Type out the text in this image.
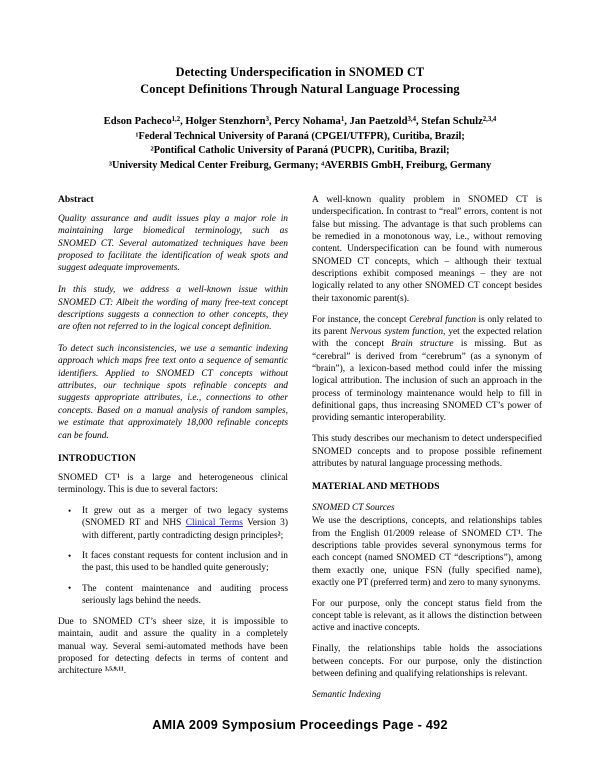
Detecting Underspecification in SNOMED CT
Concept Definitions Through Natural Language Processing
Edson Pacheco$^{1,2}$, Holger Stenzhorn$^3$, Percy Nohama$^1$, Jan Paetzold$^{3,4}$, Stefan Schulz$^{2,3,4}$
$^1$Federal Technical University of Paraná (CPGEI/UTFPR), Curitiba, Brazil;
$^2$Pontifical Catholic University of Paraná (PUCPR), Curitiba, Brazil;
$^3$University Medical Center Freiburg, Germany; $^4$AVERBIS GmbH, Freiburg, Germany
Abstract

Quality assurance and audit issues play a major role in maintaining large biomedical terminology, such as SNOMED CT. Several automatized techniques have been proposed to facilitate the identification of weak spots and suggest adequate improvements.

In this study, we address a well-known issue within SNOMED CT: Albeit the wording of many free-text concept descriptions suggests a connection to other concepts, they are often not referred to in the logical concept definition.

To detect such inconsistencies, we use a semantic indexing approach which maps free text onto a sequence of semantic identifiers. Applied to SNOMED CT concepts without attributes, our technique spots refinable concepts and suggests appropriate attributes, i.e., connections to other concepts. Based on a manual analysis of random samples, we estimate that approximately 18,000 refinable concepts can be found.

INTRODUCTION

SNOMED $CT^1$ is a large and heterogeneous clinical terminology. This is due to several factors:

• It grew out as a merger of two legacy systems (SNOMED RT and NHS Clinical Terms Version 3) with different, partly contradicting design principles$^2$;
• It faces constant requests for content inclusion and in the past, this used to be handled quite generously;
• The content maintenance and auditing process seriously lags behind the needs.

Due to SNOMED CT’s sheer size, it is impossible to maintain, audit and assure the quality in a completely manual way. Several semi-automated methods have been proposed for detecting defects in terms of content and architecture $^{3,5,9,11}$.

A well-known quality problem in SNOMED CT is underspecification. In contrast to “real” errors, content is not false but missing. The advantage is that such problems can be remedied in a monotonous way, i.e., without removing content. Underspecification can be found with numerous SNOMED CT concepts, which – although their textual descriptions exhibit composed meanings – they are not logically related to any other SNOMED CT concept besides their taxonomic parent(s).

For instance, the concept Cerebral function is only related to its parent Nervous system function, yet the expected relation with the concept Brain structure is missing. But as “cerebral” is derived from “cerebrum” (as a synonym of “brain”), a lexicon-based method could infer the missing logical attribution. The inclusion of such an approach in the process of terminology maintenance would help to fill in definitional gaps, thus increasing SNOMED CT’s power of providing semantic interoperability.

This study describes our mechanism to detect underspecified SNOMED concepts and to propose possible refinement attributes by natural language processing methods.

MATERIAL AND METHODS
SNOMED CT Sources

We use the descriptions, concepts, and relationships tables from the English 01/2009 release of SNOMED $CT^1$. The descriptions table provides several synonymous terms for each concept (named SNOMED CT “descriptions”), among them exactly one, unique FSN (fully specified name), exactly one PT (preferred term) and zero to many synonyms.

For our purpose, only the concept status field from the concept table is relevant, as it allows the distinction between active and inactive concepts.

Finally, the relationships table holds the associations between concepts. For our purpose, only the distinction between defining and qualifying relationships is relevant.

Semantic Indexing
AMIA 2009 Symposium Proceedings Page - 492
